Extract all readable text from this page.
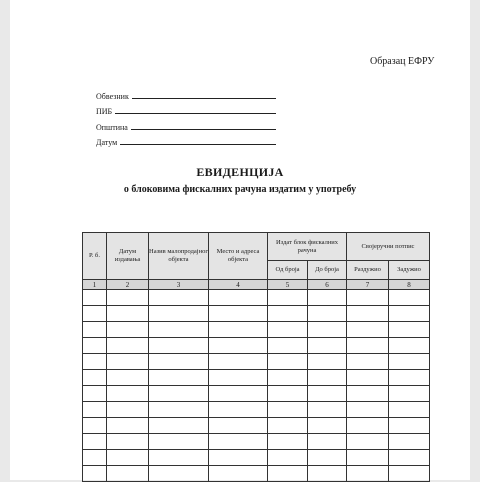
Образац ЕФРУ
Обвезник
ПИБ
Општина
Датум
ЕВИДЕНЦИЈА
о блоковима фискалних рачуна издатим у употребу
Р. б.	Датум издавања	Назив малопродајног објекта	Место и адреса објекта	Издат блок фискалних рачуна		Својеручни потпис	
				Од броја	До броја	Раздужио	Задужио
1	2	3	4	5	6	7	8
